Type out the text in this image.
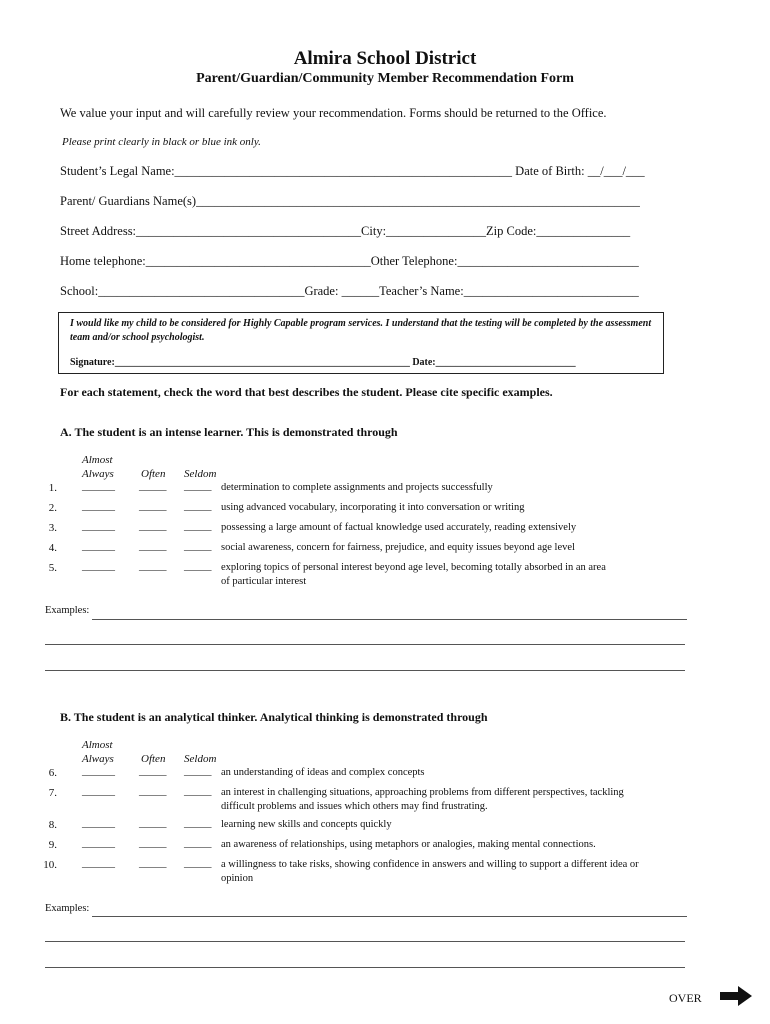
Almira School District
Parent/Guardian/Community Member Recommendation Form
We value your input and will carefully review your recommendation. Forms should be returned to the Office.
Please print clearly in black or blue ink only.
Student’s Legal Name:______________________________________________________ Date of Birth: __/___/___
Parent/ Guardians Name(s)_______________________________________________________________________
Street Address:____________________________________City:________________Zip Code:_______________
Home telephone:____________________________________Other Telephone:_____________________________
School:_________________________________Grade: ______Teacher’s Name:____________________________
I would like my child to be considered for Highly Capable program services. I understand that the testing will be completed by the assessment team and/or school psychologist.
Signature:___________________________________________________________ Date:____________________________
For each statement, check the word that best describes the student. Please cite specific examples.
A. The student is an intense learner. This is demonstrated through
Almost
Always Often Seldom
1. ______ _____ _____ determination to complete assignments and projects successfully
2. ______ _____ _____ using advanced vocabulary, incorporating it into conversation or writing
3. ______ _____ _____ possessing a large amount of factual knowledge used accurately, reading extensively
4. ______ _____ _____ social awareness, concern for fairness, prejudice, and equity issues beyond age level
5. ______ _____ _____ exploring topics of personal interest beyond age level, becoming totally absorbed in an area of particular interest
Examples:
B. The student is an analytical thinker. Analytical thinking is demonstrated through
Almost
Always Often Seldom
6. ______ _____ _____ an understanding of ideas and complex concepts
7. ______ _____ _____ an interest in challenging situations, approaching problems from different perspectives, tackling difficult problems and issues which others may find frustrating.
8. ______ _____ _____ learning new skills and concepts quickly
9. ______ _____ _____ an awareness of relationships, using metaphors or analogies, making mental connections.
10. ______ _____ _____ a willingness to take risks, showing confidence in answers and willing to support a different idea or opinion
Examples:
OVER
